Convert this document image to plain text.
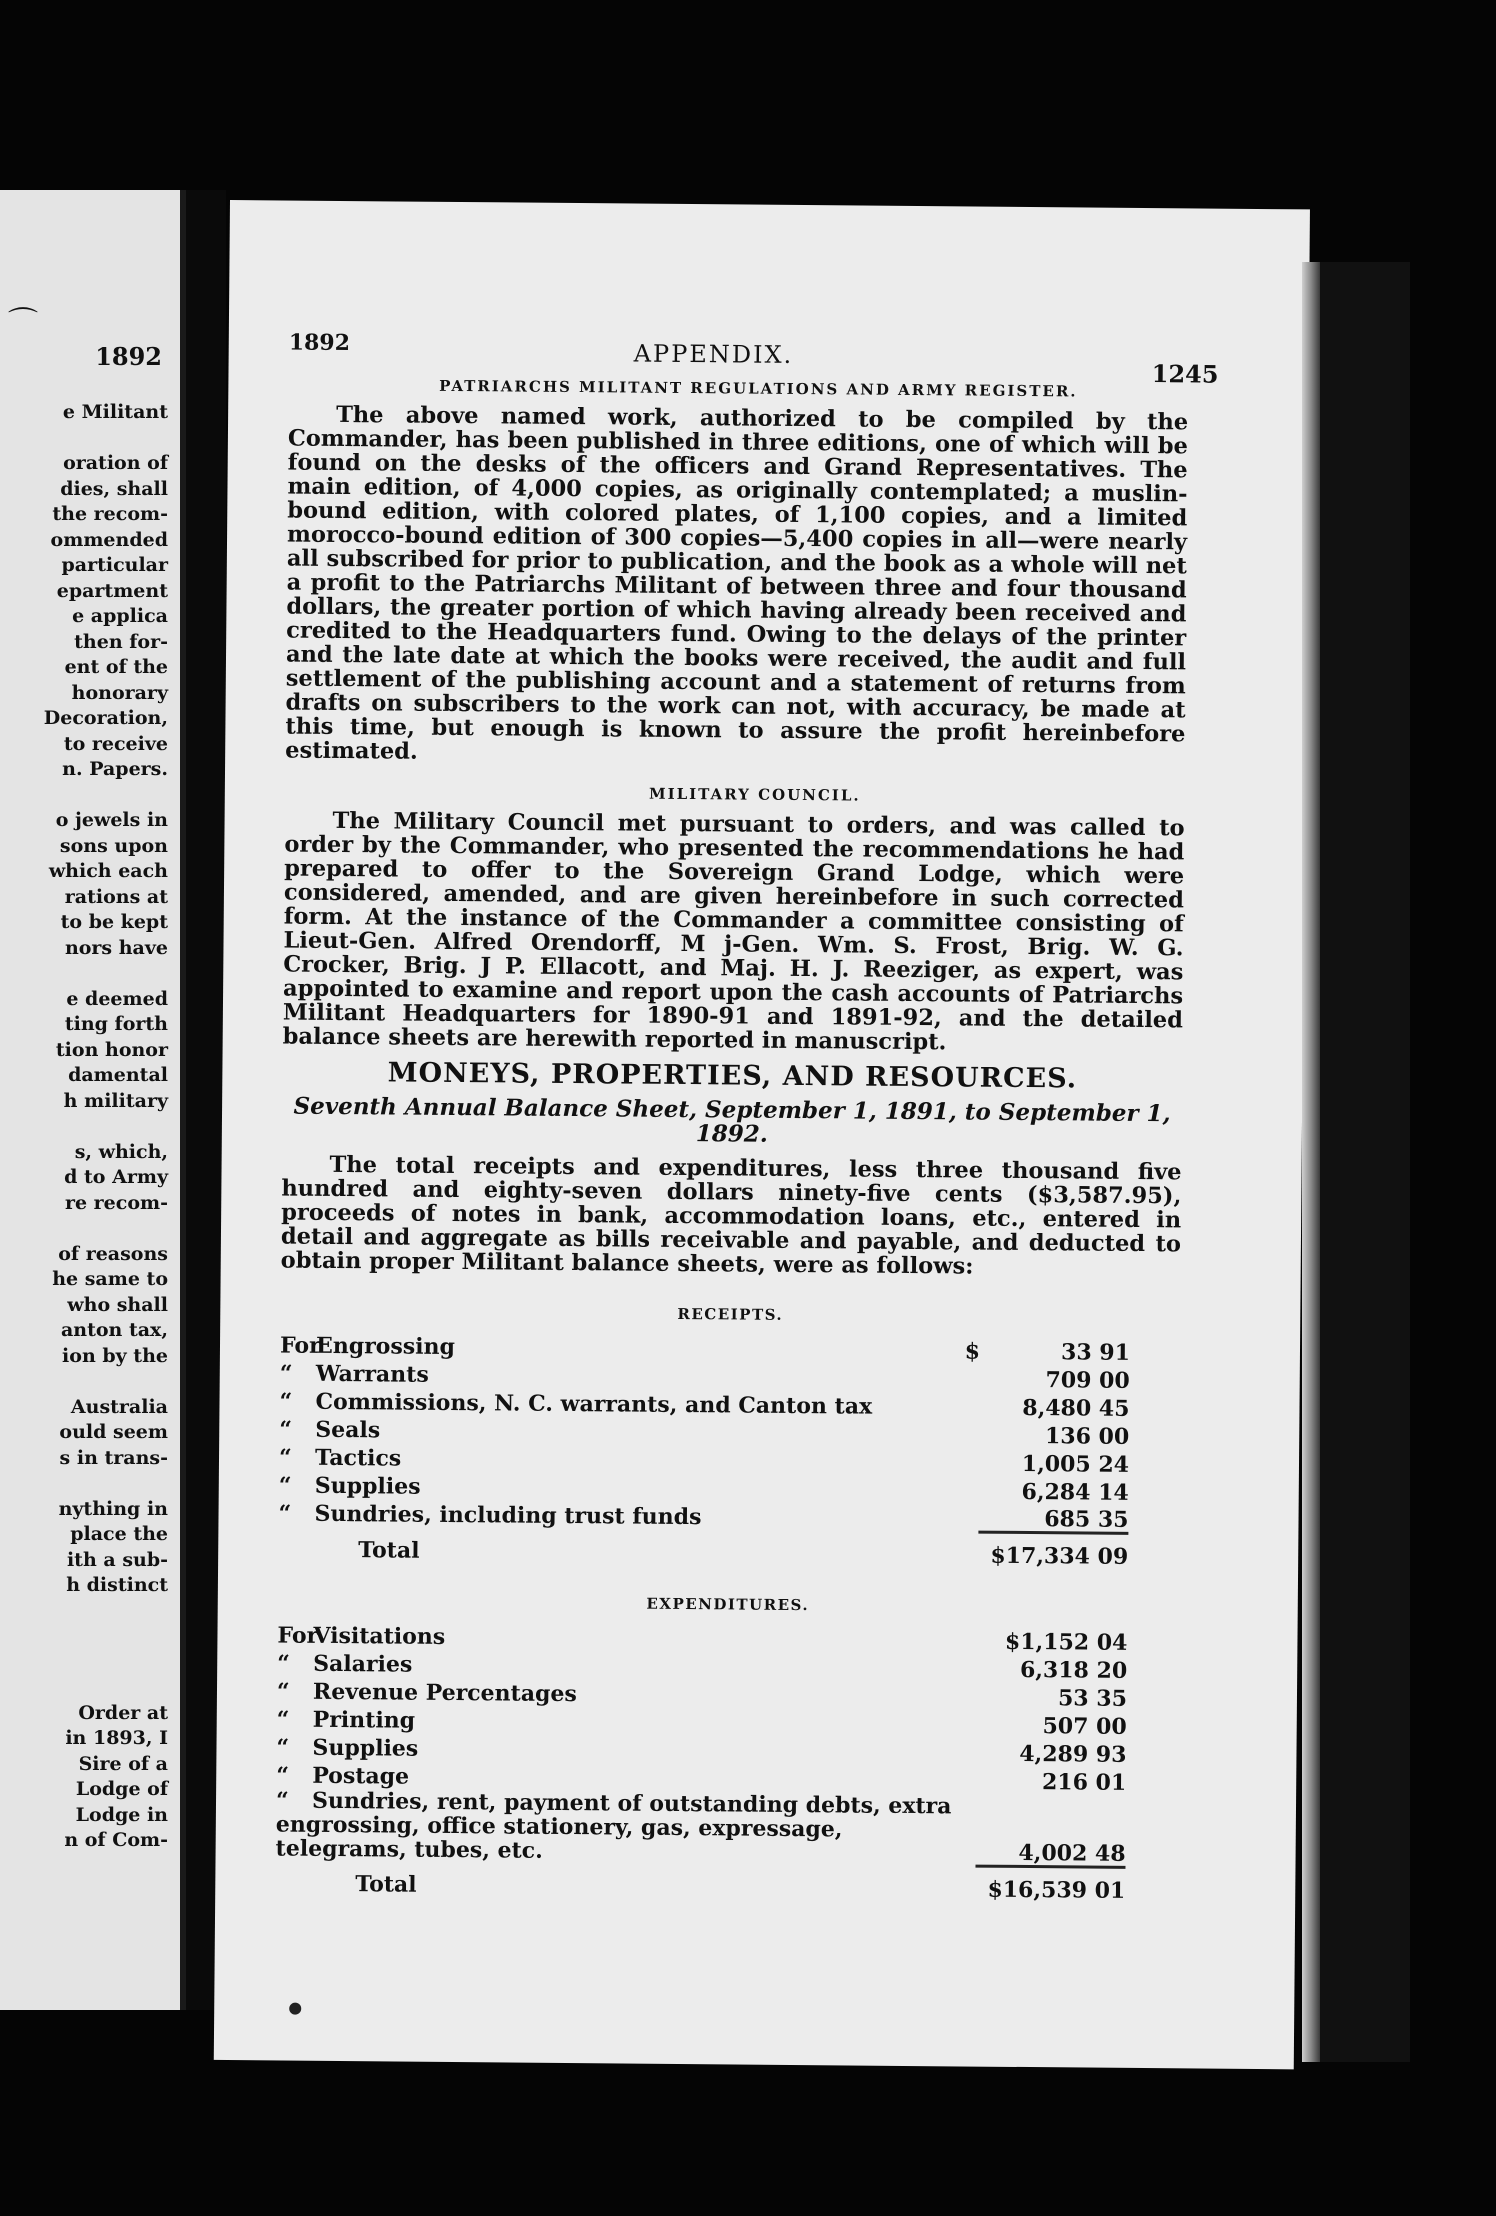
⌒
1892
e Militant
oration of
dies, shall
the recom-
ommended
particular
epartment
e applica
then for-
ent of the
honorary
Decoration,
to receive
n. Papers.
o jewels in
sons upon
which each
rations at
to be kept
nors have
e deemed
ting forth
tion honor
damental
h military
s, which,
d to Army
re recom-
of reasons
he same to
who shall
anton tax,
ion by the
Australia
ould seem
s in trans-
nything in
place the
ith a sub-
h distinct
Order at
in 1893, I
Sire of a
Lodge of
Lodge in
n of Com-
1892	APPENDIX.
1245
PATRIARCHS MILITANT REGULATIONS AND ARMY REGISTER.

The above named work, authorized to be compiled by the Commander, has been published in three editions, one of which will be found on the desks of the officers and Grand Representatives. The main edition, of 4,000 copies, as originally contemplated; a muslin-bound edition, with colored plates, of 1,100 copies, and a limited morocco-bound edition of 300 copies—5,400 copies in all—were nearly all subscribed for prior to publication, and the book as a whole will net a profit to the Patriarchs Militant of between three and four thousand dollars, the greater portion of which having already been received and credited to the Headquarters fund. Owing to the delays of the printer and the late date at which the books were received, the audit and full settlement of the publishing account and a statement of returns from drafts on subscribers to the work can not, with accuracy, be made at this time, but enough is known to assure the profit hereinbefore estimated.

MILITARY COUNCIL.

The Military Council met pursuant to orders, and was called to order by the Commander, who presented the recommendations he had prepared to offer to the Sovereign Grand Lodge, which were considered, amended, and are given hereinbefore in such corrected form. At the instance of the Commander a committee consisting of Lieut-Gen. Alfred Orendorff, M j-Gen. Wm. S. Frost, Brig. W. G. Crocker, Brig. J P. Ellacott, and Maj. H. J. Reeziger, as expert, was appointed to examine and report upon the cash accounts of Patriarchs Militant Headquarters for 1890-91 and 1891-92, and the detailed balance sheets are herewith reported in manuscript.

MONEYS, PROPERTIES, AND RESOURCES.
Seventh Annual Balance Sheet, September 1, 1891, to September 1, 1892.

The total receipts and expenditures, less three thousand five hundred and eighty-seven dollars ninety-five cents ($3,587.95), proceeds of notes in bank, accommodation loans, etc., entered in detail and aggregate as bills receivable and payable, and deducted to obtain proper Militant balance sheets, were as follows:

RECEIPTS.
ForEngrossing		$	33 91
“ Warrants			709 00
“ Commissions, N. C. warrants, and Canton tax			8,480 45
“ Seals			136 00
“ Tactics			1,005 24
“ Supplies			6,284 14
“ Sundries, including trust funds			685 35
Total			$17,334 09
EXPENDITURES.
ForVisitations			$1,152 04
“ Salaries			6,318 20
“ Revenue Percentages			53 35
“ Printing			507 00
“ Supplies			4,289 93
“ Postage			216 01
“ Sundries, rent, payment of outstanding debts, extra engrossing, office stationery, gas, expressage, telegrams, tubes, etc.		4,002 48
Total			$16,539 01
